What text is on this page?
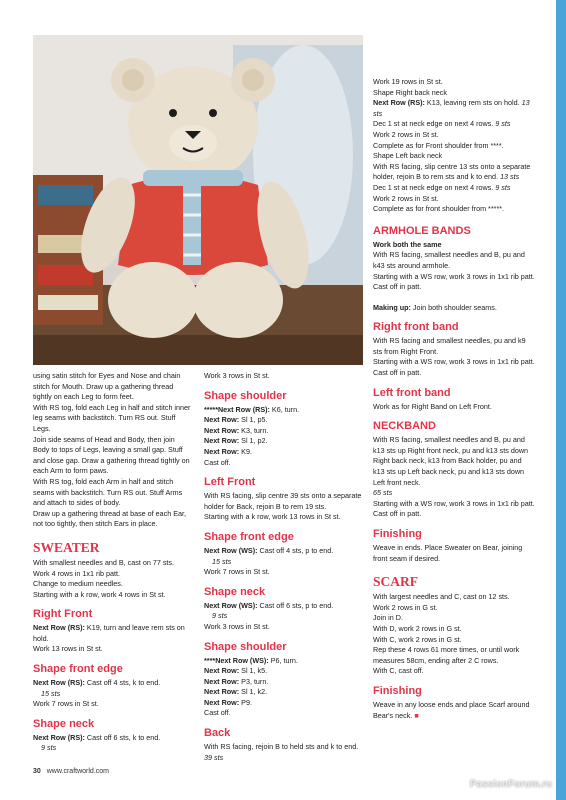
using satin stitch for Eyes and Nose and chain stitch for Mouth. Draw up a gathering thread tightly on each Leg to form feet.
With RS tog, fold each Leg in half and stitch inner leg seams with backstitch. Turn RS out. Stuff Legs.
Join side seams of Head and Body, then join Body to tops of Legs, leaving a small gap. Stuff and close gap. Draw a gathering thread tightly on each Arm to form paws.
With RS tog, fold each Arm in half and stitch seams with backstitch. Turn RS out. Stuff Arms and attach to sides of body.
Draw up a gathering thread at base of each Ear, not too tightly, then stitch Ears in place.

SWEATER

With smallest needles and B, cast on 77 sts.
Work 4 rows in 1x1 rib patt.
Change to medium needles.
Starting with a k row, work 4 rows in St st.

Right Front

Next Row (RS): K19, turn and leave rem sts on hold.

Work 13 rows in St st.

Shape front edge

Next Row (RS): Cast off 4 sts, k to end.

15 sts

Work 7 rows in St st.

Shape neck

Next Row (RS): Cast off 6 sts, k to end.

9 sts

Work 3 rows in St st.

Shape shoulder

*****Next Row (RS): K6, turn.

Next Row: Sl 1, p5.

Next Row: K3, turn.

Next Row: Sl 1, p2.

Next Row: K9.

Cast off.

Left Front

With RS facing, slip centre 39 sts onto a separate holder for Back, rejoin B to rem 19 sts.

Starting with a k row, work 13 rows in St st.

Shape front edge

Next Row (WS): Cast off 4 sts, p to end.

15 sts

Work 7 rows in St st.

Shape neck

Next Row (WS): Cast off 6 sts, p to end.

9 sts

Work 3 rows in St st.

Shape shoulder

****Next Row (WS): P6, turn.

Next Row: Sl 1, k5.

Next Row: P3, turn.

Next Row: Sl 1, k2.

Next Row: P9.

Cast off.

Back

With RS facing, rejoin B to held sts and k to end. 39 sts

Work 19 rows in St st.

Shape Right back neck

Next Row (RS): K13, leaving rem sts on hold. 13 sts

Dec 1 st at neck edge on next 4 rows. 9 sts

Work 2 rows in St st.

Complete as for Front shoulder from ****.

Shape Left back neck

With RS facing, slip centre 13 sts onto a separate holder, rejoin B to rem sts and k to end. 13 sts

Dec 1 st at neck edge on next 4 rows. 9 sts

Work 2 rows in St st.

Complete as for front shoulder from *****.

ARMHOLE BANDS

Work both the same

With RS facing, smallest needles and B, pu and k43 sts around armhole.
Starting with a WS row, work 3 rows in 1x1 rib patt.
Cast off in patt.

Making up: Join both shoulder seams.

Right front band

With RS facing and smallest needles, pu and k9 sts from Right Front.
Starting with a WS row, work 3 rows in 1x1 rib patt.
Cast off in patt.

Left front band

Work as for Right Band on Left Front.

NECKBAND

With RS facing, smallest needles and B, pu and k13 sts up Right front neck, pu and k13 sts down Right back neck, k13 from Back holder, pu and k13 sts up Left back neck, pu and k13 sts down Left front neck.

65 sts

Starting with a WS row, work 3 rows in 1x1 rib patt.
Cast off in patt.

Finishing

Weave in ends. Place Sweater on Bear, joining front seam if desired.

SCARF

With largest needles and C, cast on 12 sts.
Work 2 rows in G st.
Join in D.
With D, work 2 rows in G st.
With C, work 2 rows in G st.
Rep these 4 rows 61 more times, or until work measures 58cm, ending after 2 C rows.
With C, cast off.

Finishing

Weave in any loose ends and place Scarf around Bear's neck. ■

30 www.craftworld.com
PassionForum.ru
